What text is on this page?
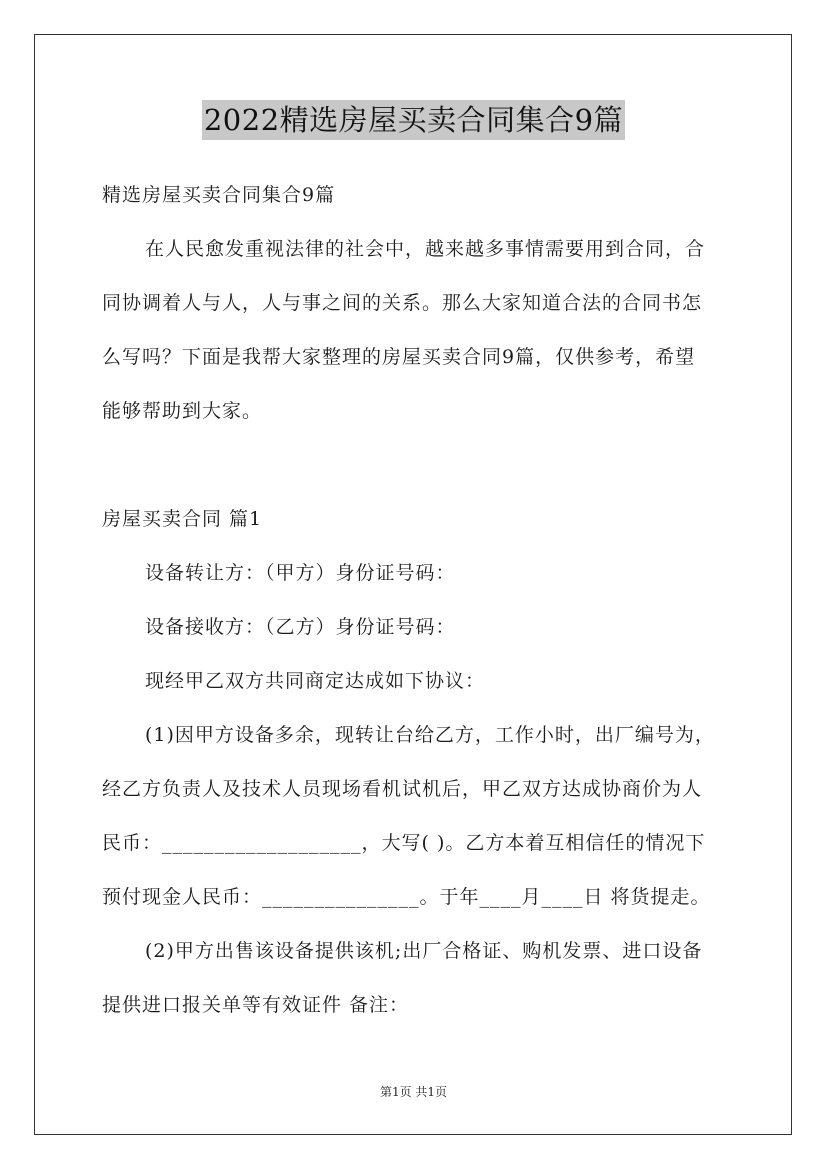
2022精选房屋买卖合同集合9篇
精选房屋买卖合同集合9篇
在人民愈发重视法律的社会中，越来越多事情需要用到合同，合
同协调着人与人，人与事之间的关系。那么大家知道合法的合同书怎
么写吗？下面是我帮大家整理的房屋买卖合同9篇，仅供参考，希望
能够帮助到大家。
房屋买卖合同 篇1
设备转让方：（甲方）身份证号码：
设备接收方：（乙方）身份证号码：
现经甲乙双方共同商定达成如下协议：
(1)因甲方设备多余，现转让台给乙方，工作小时，出厂编号为，
经乙方负责人及技术人员现场看机试机后，甲乙双方达成协商价为人
民币：___________________，大写( )。乙方本着互相信任的情况下
预付现金人民币：_______________。于年____月____日 将货提走。
(2)甲方出售该设备提供该机;出厂合格证、购机发票、进口设备
提供进口报关单等有效证件 备注：
第1页 共1页
